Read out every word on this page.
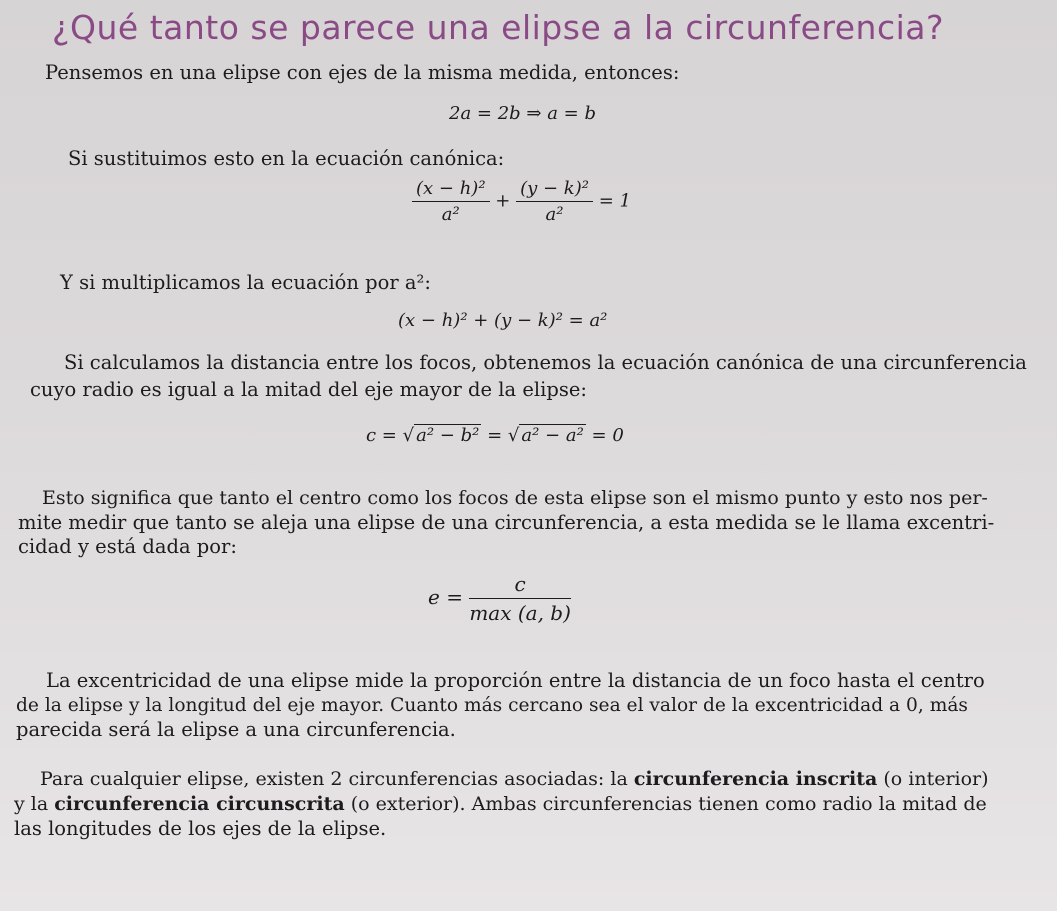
¿Qué tanto se parece una elipse a la circunferencia?

Pensemos en una elipse con ejes de la misma medida, entonces:

2a = 2b ⇒ a = b

Si sustituimos esto en la ecuación canónica:

$\frac{\text{(x − h)²}}{\text{a²}} + \frac{\text{(y − k)²}}{\text{a²}} = 1$

Y si multiplicamos la ecuación por a²:

(x − h)² + (y − k)² = a²

Si calculamos la distancia entre los focos, obtenemos la ecuación canónica de una circunferencia

cuyo radio es igual a la mitad del eje mayor de la elipse:

c = √ a² − b² = √ a² − a² = 0

Esto significa que tanto el centro como los focos de esta elipse son el mismo punto y esto nos per-

mite medir que tanto se aleja una elipse de una circunferencia, a esta medida se le llama excentri-

cidad y está dada por:

$e = \frac{c}{\max (a, b)}$

La excentricidad de una elipse mide la proporción entre la distancia de un foco hasta el centro

de la elipse y la longitud del eje mayor. Cuanto más cercano sea el valor de la excentricidad a 0, más

parecida será la elipse a una circunferencia.

Para cualquier elipse, existen 2 circunferencias asociadas: la circunferencia inscrita (o interior)

y la circunferencia circunscrita (o exterior). Ambas circunferencias tienen como radio la mitad de

las longitudes de los ejes de la elipse.
